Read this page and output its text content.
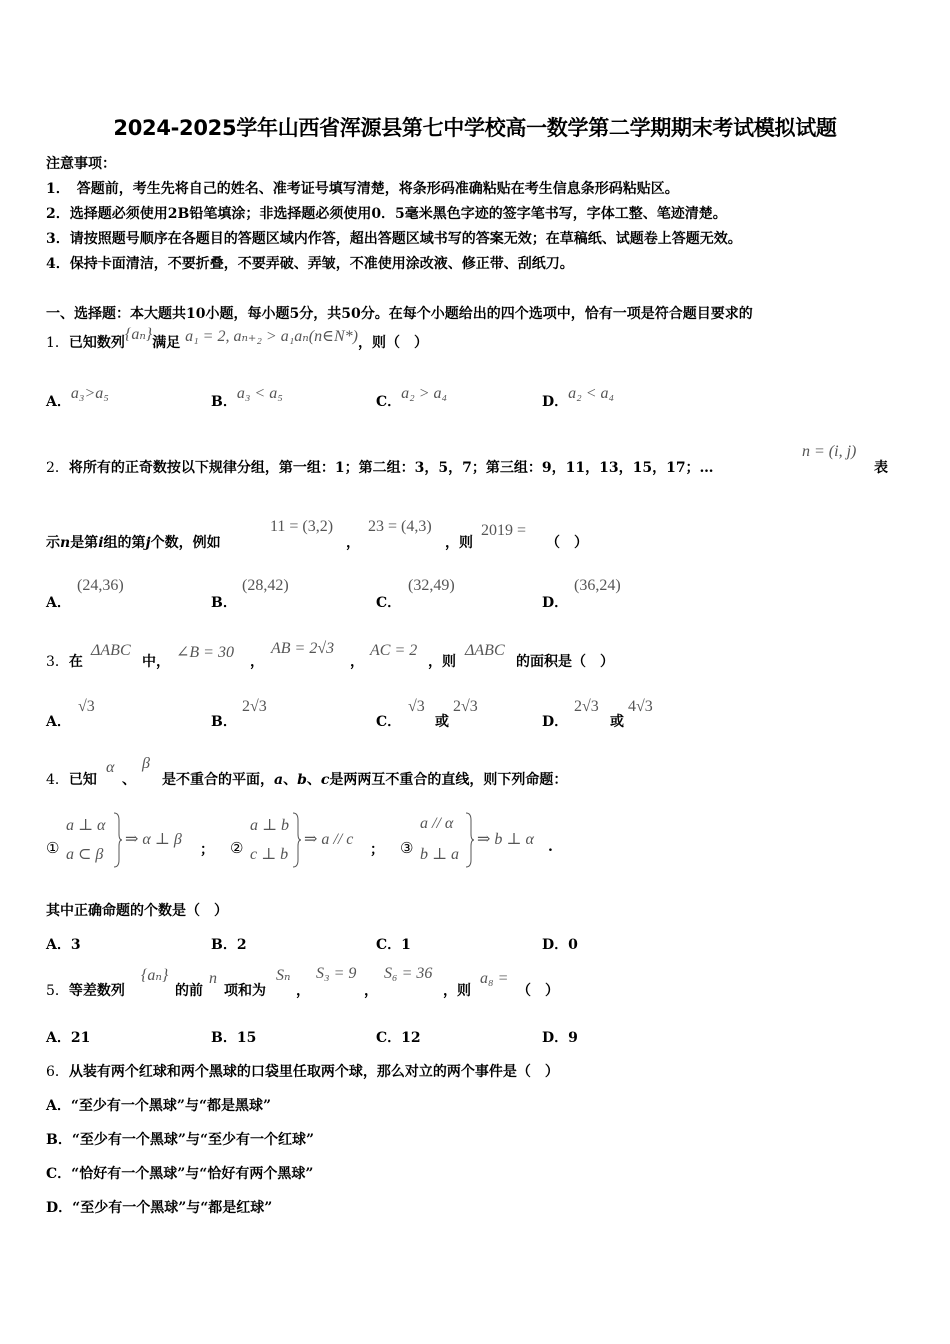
2024-2025学年山西省浑源县第七中学校高一数学第二学期期末考试模拟试题
注意事项：
1．　答题前，考生先将自己的姓名、准考证号填写清楚，将条形码准确粘贴在考生信息条形码粘贴区。
2．选择题必须使用2B铅笔填涂；非选择题必须使用0．5毫米黑色字迹的签字笔书写，字体工整、笔迹清楚。
3．请按照题号顺序在各题目的答题区域内作答，超出答题区域书写的答案无效；在草稿纸、试题卷上答题无效。
4．保持卡面清洁，不要折叠，不要弄破、弄皱，不准使用涂改液、修正带、刮纸刀。
一、选择题：本大题共10小题，每小题5分，共50分。在每个小题给出的四个选项中，恰有一项是符合题目要求的
1．已知数列{aₙ}满足 a₁ = 2, aₙ₊₂ > a₁aₙ(n∈N*)，则（　）
A．a₃>a₅	B．a₃ < a₅	C．a₂ > a₄	D．a₂ < a₄
2．将所有的正奇数按以下规律分组，第一组：1；第二组：3，5，7；第三组：9，11，13，15，17；…
n = (i, j)
表
示n是第i组的第j个数，例如
11 = (3,2)
，
23 = (4,3)
，则
2019 =
（　）
A．
(24,36)
B．
(28,42)
C．
(32,49)
D．
(36,24)
3．在
ΔABC
中，
∠B = 30
，
AB = 2√3
，
AC = 2
，则
ΔABC
的面积是（　）
A．
√3
B．
2√3
C．
√3
或
2√3
D．
2√3
或
4√3
4．已知
α
、
β
是不重合的平面，a、b、c是两两互不重合的直线，则下列命题：
①
a ⊥ α
a ⊂ β
⇒ α ⊥ β
； ②
a ⊥ b
c ⊥ b
⇒ a // c
； ③
a // α
b ⊥ a
⇒ b ⊥ α .
其中正确命题的个数是（　）
A．3	B．2	C．1	D．0
5．等差数列
{aₙ}
的前
n
项和为
Sₙ
，
S₃ = 9
，
S₆ = 36
，则
a₈ =
（　）
A．21	B．15	C．12	D．9
6．从装有两个红球和两个黑球的口袋里任取两个球，那么对立的两个事件是（　）
A．“至少有一个黑球”与“都是黑球”
B．“至少有一个黑球”与“至少有一个红球”
C．“恰好有一个黑球”与“恰好有两个黑球”
D．“至少有一个黑球”与“都是红球”
